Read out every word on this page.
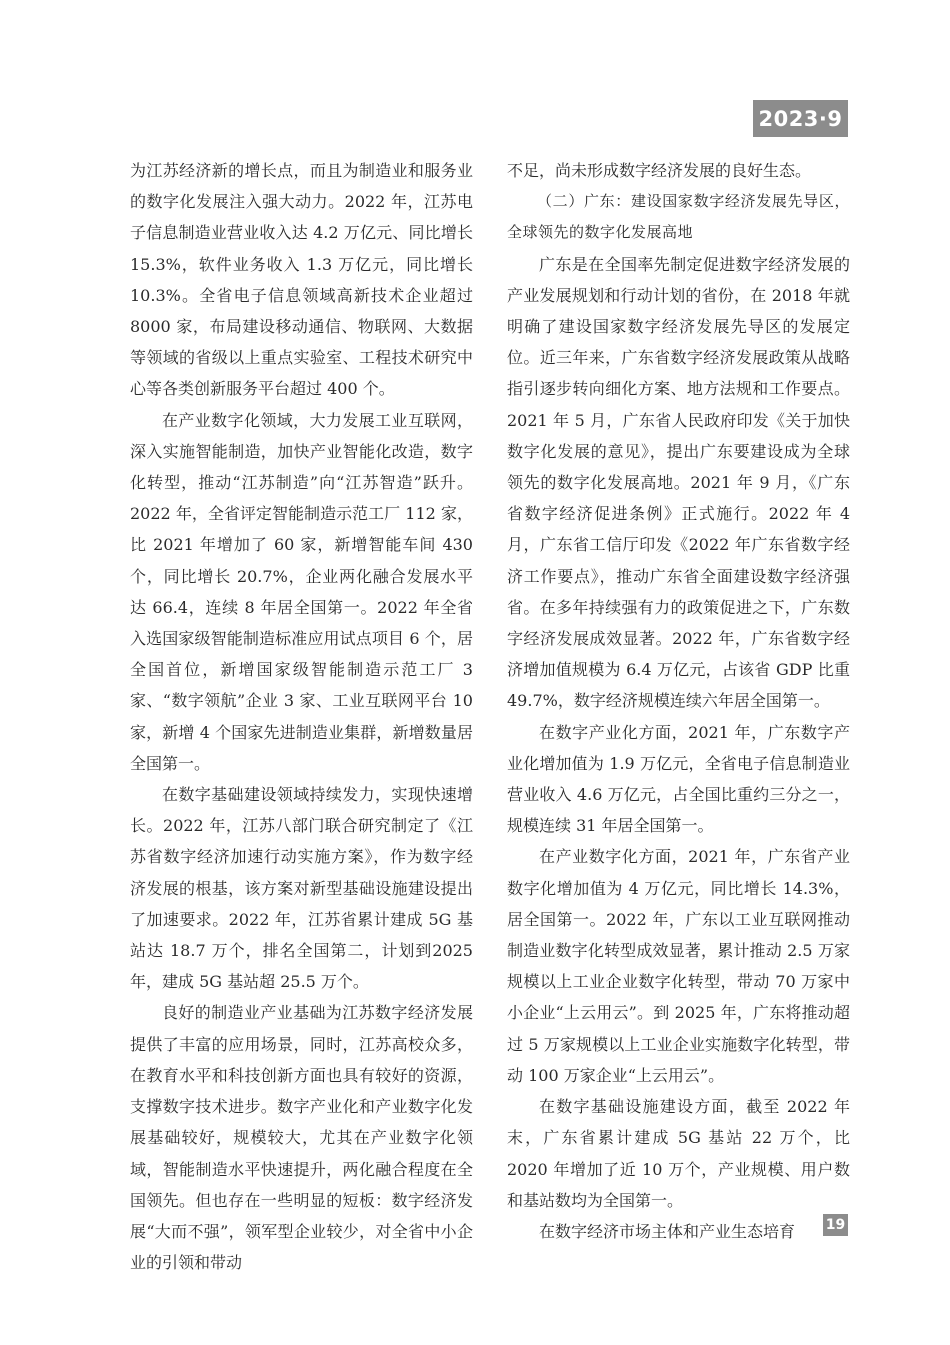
2023·9

为江苏经济新的增长点，而且为制造业和服务业的数字化发展注入强大动力。2022 年，江苏电子信息制造业营业收入达 4.2 万亿元、同比增长 15.3%，软件业务收入 1.3 万亿元，同比增长 10.3%。全省电子信息领域高新技术企业超过 8000 家，布局建设移动通信、物联网、大数据等领域的省级以上重点实验室、工程技术研究中心等各类创新服务平台超过 400 个。

在产业数字化领域，大力发展工业互联网，深入实施智能制造，加快产业智能化改造，数字化转型，推动“江苏制造”向“江苏智造”跃升。2022 年，全省评定智能制造示范工厂 112 家，比 2021 年增加了 60 家，新增智能车间 430 个，同比增长 20.7%，企业两化融合发展水平达 66.4，连续 8 年居全国第一。2022 年全省入选国家级智能制造标准应用试点项目 6 个，居全国首位，新增国家级智能制造示范工厂 3 家、“数字领航”企业 3 家、工业互联网平台 10 家，新增 4 个国家先进制造业集群，新增数量居全国第一。

在数字基础建设领域持续发力，实现快速增长。2022 年，江苏八部门联合研究制定了《江苏省数字经济加速行动实施方案》，作为数字经济发展的根基，该方案对新型基础设施建设提出了加速要求。2022 年，江苏省累计建成 5G 基站达 18.7 万个，排名全国第二，计划到2025 年，建成 5G 基站超 25.5 万个。

良好的制造业产业基础为江苏数字经济发展提供了丰富的应用场景，同时，江苏高校众多，在教育水平和科技创新方面也具有较好的资源，支撑数字技术进步。数字产业化和产业数字化发展基础较好，规模较大，尤其在产业数字化领域，智能制造水平快速提升，两化融合程度在全国领先。但也存在一些明显的短板：数字经济发展“大而不强”，领军型企业较少，对全省中小企业的引领和带动

不足，尚未形成数字经济发展的良好生态。

（二）广东：建设国家数字经济发展先导区，全球领先的数字化发展高地

广东是在全国率先制定促进数字经济发展的产业发展规划和行动计划的省份，在 2018 年就明确了建设国家数字经济发展先导区的发展定位。近三年来，广东省数字经济发展政策从战略指引逐步转向细化方案、地方法规和工作要点。2021 年 5 月，广东省人民政府印发《关于加快数字化发展的意见》，提出广东要建设成为全球领先的数字化发展高地。2021 年 9 月，《广东省数字经济促进条例》正式施行。2022 年 4 月，广东省工信厅印发《2022 年广东省数字经济工作要点》，推动广东省全面建设数字经济强省。在多年持续强有力的政策促进之下，广东数字经济发展成效显著。2022 年，广东省数字经济增加值规模为 6.4 万亿元，占该省 GDP 比重 49.7%，数字经济规模连续六年居全国第一。

在数字产业化方面，2021 年，广东数字产业化增加值为 1.9 万亿元，全省电子信息制造业营业收入 4.6 万亿元，占全国比重约三分之一，规模连续 31 年居全国第一。

在产业数字化方面，2021 年，广东省产业数字化增加值为 4 万亿元，同比增长 14.3%，居全国第一。2022 年，广东以工业互联网推动制造业数字化转型成效显著，累计推动 2.5 万家规模以上工业企业数字化转型，带动 70 万家中小企业“上云用云”。到 2025 年，广东将推动超过 5 万家规模以上工业企业实施数字化转型，带动 100 万家企业“上云用云”。

在数字基础设施建设方面，截至 2022 年末，广东省累计建成 5G 基站 22 万个，比 2020 年增加了近 10 万个，产业规模、用户数和基站数均为全国第一。

在数字经济市场主体和产业生态培育	19
